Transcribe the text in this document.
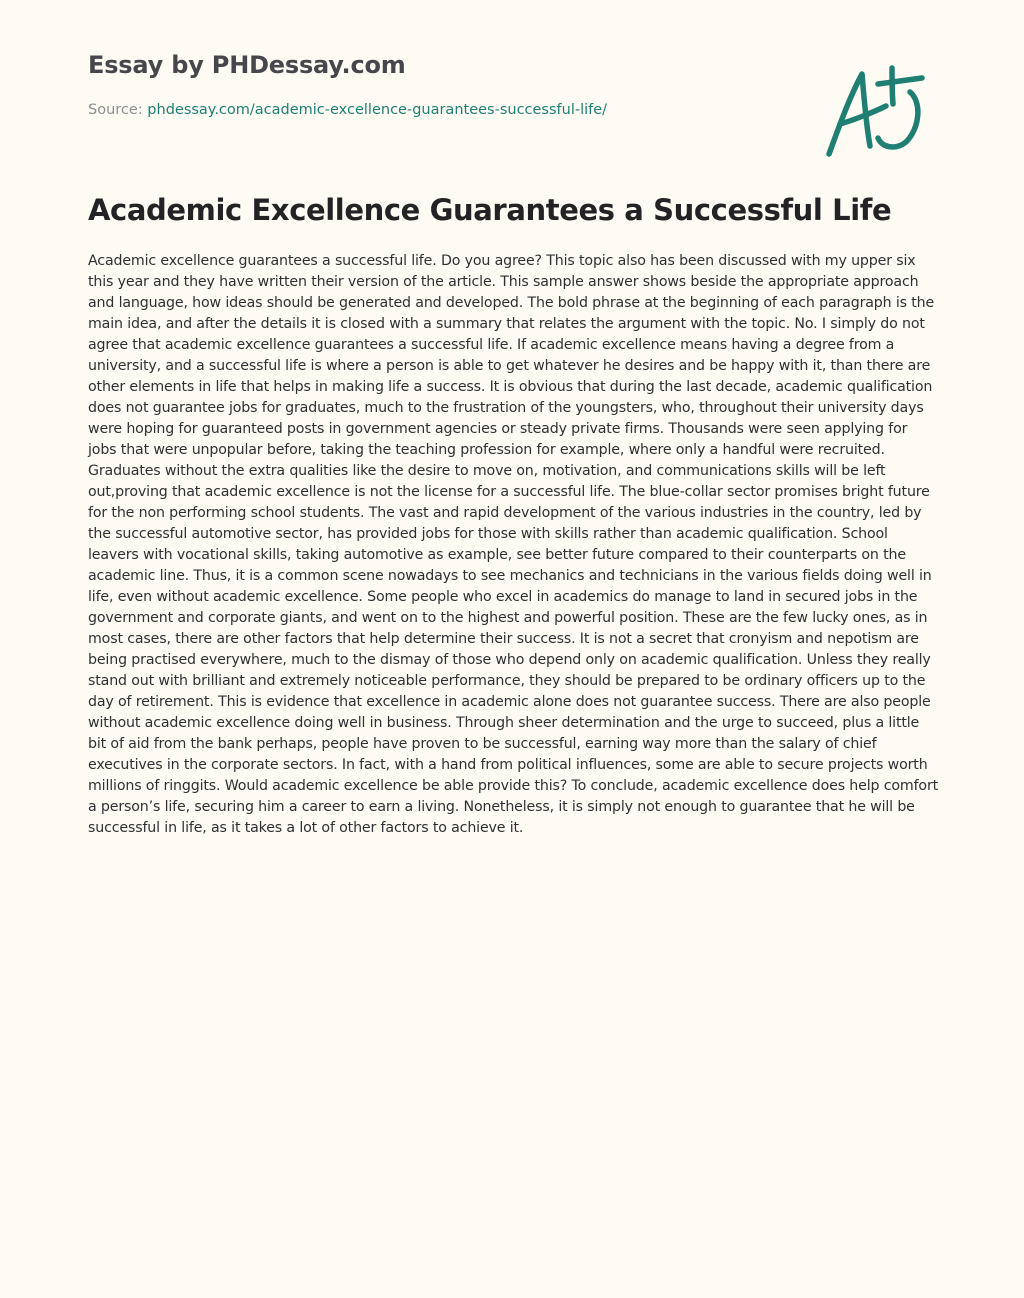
Essay by PHDessay.com
Source: phdessay.com/academic-excellence-guarantees-successful-life/
Academic Excellence Guarantees a Successful Life

Academic excellence guarantees a successful life. Do you agree? This topic also has been discussed with my upper six this year and they have written their version of the article. This sample answer shows beside the appropriate approach and language, how ideas should be generated and developed. The bold phrase at the beginning of each paragraph is the main idea, and after the details it is closed with a summary that relates the argument with the topic. No. I simply do not agree that academic excellence guarantees a successful life. If academic excellence means having a degree from a university, and a successful life is where a person is able to get whatever he desires and be happy with it, than there are other elements in life that helps in making life a success. It is obvious that during the last decade, academic qualification does not guarantee jobs for graduates, much to the frustration of the youngsters, who, throughout their university days were hoping for guaranteed posts in government agencies or steady private firms. Thousands were seen applying for jobs that were unpopular before, taking the teaching profession for example, where only a handful were recruited. Graduates without the extra qualities like the desire to move on, motivation, and communications skills will be left out,proving that academic excellence is not the license for a successful life. The blue-collar sector promises bright future for the non performing school students. The vast and rapid development of the various industries in the country, led by the successful automotive sector, has provided jobs for those with skills rather than academic qualification. School leavers with vocational skills, taking automotive as example, see better future compared to their counterparts on the academic line. Thus, it is a common scene nowadays to see mechanics and technicians in the various fields doing well in life, even without academic excellence. Some people who excel in academics do manage to land in secured jobs in the government and corporate giants, and went on to the highest and powerful position. These are the few lucky ones, as in most cases, there are other factors that help determine their success. It is not a secret that cronyism and nepotism are being practised everywhere, much to the dismay of those who depend only on academic qualification. Unless they really stand out with brilliant and extremely noticeable performance, they should be prepared to be ordinary officers up to the day of retirement. This is evidence that excellence in academic alone does not guarantee success. There are also people without academic excellence doing well in business. Through sheer determination and the urge to succeed, plus a little bit of aid from the bank perhaps, people have proven to be successful, earning way more than the salary of chief executives in the corporate sectors. In fact, with a hand from political influences, some are able to secure projects worth millions of ringgits. Would academic excellence be able provide this? To conclude, academic excellence does help comfort a person’s life, securing him a career to earn a living. Nonetheless, it is simply not enough to guarantee that he will be successful in life, as it takes a lot of other factors to achieve it.
